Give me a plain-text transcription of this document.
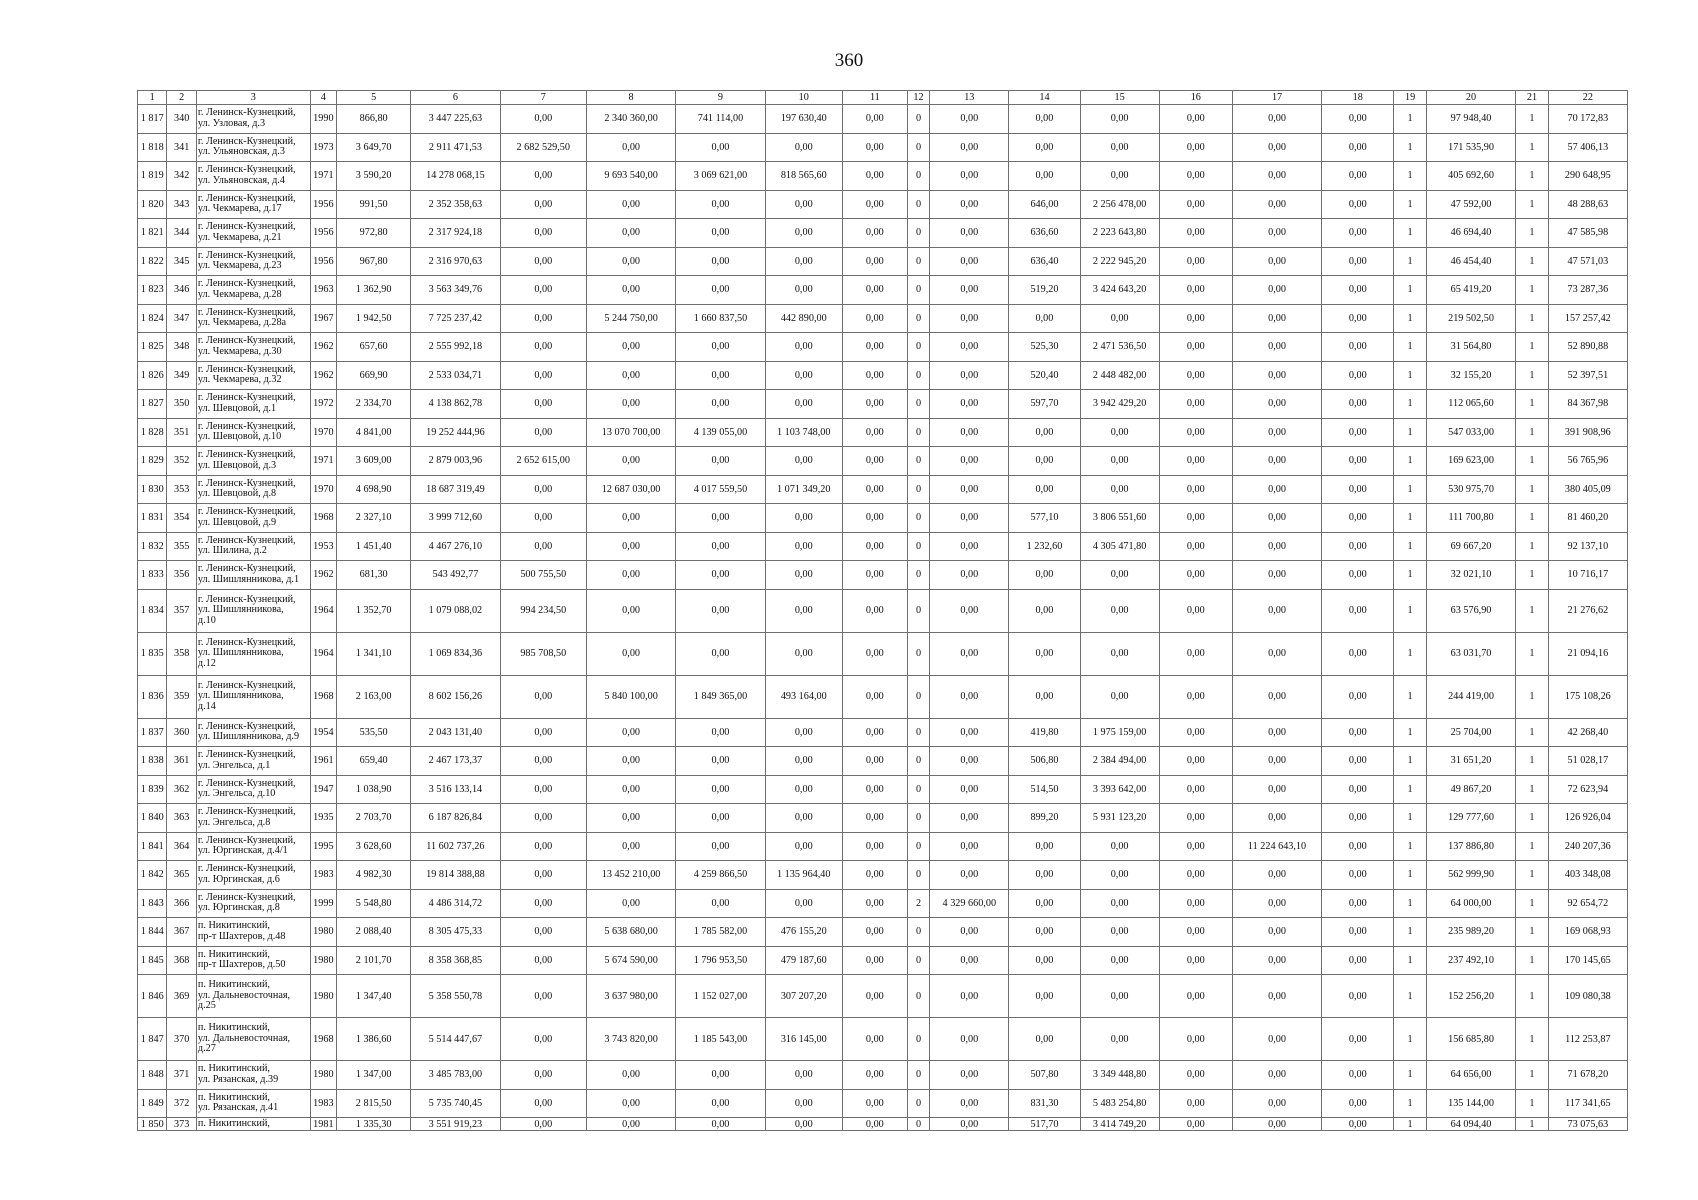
360
1	2	3	4	5	6	7	8	9	10	11	12	13	14	15	16	17	18	19	20	21	22
1 817	340	г. Ленинск-Кузнецкий,
ул. Узловая, д.3	1990	866,80	3 447 225,63	0,00	2 340 360,00	741 114,00	197 630,40	0,00	0	0,00	0,00	0,00	0,00	0,00	0,00	1	97 948,40	1	70 172,83
1 818	341	г. Ленинск-Кузнецкий,
ул. Ульяновская, д.3	1973	3 649,70	2 911 471,53	2 682 529,50	0,00	0,00	0,00	0,00	0	0,00	0,00	0,00	0,00	0,00	0,00	1	171 535,90	1	57 406,13
1 819	342	г. Ленинск-Кузнецкий,
ул. Ульяновская, д.4	1971	3 590,20	14 278 068,15	0,00	9 693 540,00	3 069 621,00	818 565,60	0,00	0	0,00	0,00	0,00	0,00	0,00	0,00	1	405 692,60	1	290 648,95
1 820	343	г. Ленинск-Кузнецкий,
ул. Чекмарева, д.17	1956	991,50	2 352 358,63	0,00	0,00	0,00	0,00	0,00	0	0,00	646,00	2 256 478,00	0,00	0,00	0,00	1	47 592,00	1	48 288,63
1 821	344	г. Ленинск-Кузнецкий,
ул. Чекмарева, д.21	1956	972,80	2 317 924,18	0,00	0,00	0,00	0,00	0,00	0	0,00	636,60	2 223 643,80	0,00	0,00	0,00	1	46 694,40	1	47 585,98
1 822	345	г. Ленинск-Кузнецкий,
ул. Чекмарева, д.23	1956	967,80	2 316 970,63	0,00	0,00	0,00	0,00	0,00	0	0,00	636,40	2 222 945,20	0,00	0,00	0,00	1	46 454,40	1	47 571,03
1 823	346	г. Ленинск-Кузнецкий,
ул. Чекмарева, д.28	1963	1 362,90	3 563 349,76	0,00	0,00	0,00	0,00	0,00	0	0,00	519,20	3 424 643,20	0,00	0,00	0,00	1	65 419,20	1	73 287,36
1 824	347	г. Ленинск-Кузнецкий,
ул. Чекмарева, д.28а	1967	1 942,50	7 725 237,42	0,00	5 244 750,00	1 660 837,50	442 890,00	0,00	0	0,00	0,00	0,00	0,00	0,00	0,00	1	219 502,50	1	157 257,42
1 825	348	г. Ленинск-Кузнецкий,
ул. Чекмарева, д.30	1962	657,60	2 555 992,18	0,00	0,00	0,00	0,00	0,00	0	0,00	525,30	2 471 536,50	0,00	0,00	0,00	1	31 564,80	1	52 890,88
1 826	349	г. Ленинск-Кузнецкий,
ул. Чекмарева, д.32	1962	669,90	2 533 034,71	0,00	0,00	0,00	0,00	0,00	0	0,00	520,40	2 448 482,00	0,00	0,00	0,00	1	32 155,20	1	52 397,51
1 827	350	г. Ленинск-Кузнецкий,
ул. Шевцовой, д.1	1972	2 334,70	4 138 862,78	0,00	0,00	0,00	0,00	0,00	0	0,00	597,70	3 942 429,20	0,00	0,00	0,00	1	112 065,60	1	84 367,98
1 828	351	г. Ленинск-Кузнецкий,
ул. Шевцовой, д.10	1970	4 841,00	19 252 444,96	0,00	13 070 700,00	4 139 055,00	1 103 748,00	0,00	0	0,00	0,00	0,00	0,00	0,00	0,00	1	547 033,00	1	391 908,96
1 829	352	г. Ленинск-Кузнецкий,
ул. Шевцовой, д.3	1971	3 609,00	2 879 003,96	2 652 615,00	0,00	0,00	0,00	0,00	0	0,00	0,00	0,00	0,00	0,00	0,00	1	169 623,00	1	56 765,96
1 830	353	г. Ленинск-Кузнецкий,
ул. Шевцовой, д.8	1970	4 698,90	18 687 319,49	0,00	12 687 030,00	4 017 559,50	1 071 349,20	0,00	0	0,00	0,00	0,00	0,00	0,00	0,00	1	530 975,70	1	380 405,09
1 831	354	г. Ленинск-Кузнецкий,
ул. Шевцовой, д.9	1968	2 327,10	3 999 712,60	0,00	0,00	0,00	0,00	0,00	0	0,00	577,10	3 806 551,60	0,00	0,00	0,00	1	111 700,80	1	81 460,20
1 832	355	г. Ленинск-Кузнецкий,
ул. Шилина, д.2	1953	1 451,40	4 467 276,10	0,00	0,00	0,00	0,00	0,00	0	0,00	1 232,60	4 305 471,80	0,00	0,00	0,00	1	69 667,20	1	92 137,10
1 833	356	г. Ленинск-Кузнецкий,
ул. Шишлянникова, д.1	1962	681,30	543 492,77	500 755,50	0,00	0,00	0,00	0,00	0	0,00	0,00	0,00	0,00	0,00	0,00	1	32 021,10	1	10 716,17
1 834	357	г. Ленинск-Кузнецкий,
ул. Шишлянникова,
д.10	1964	1 352,70	1 079 088,02	994 234,50	0,00	0,00	0,00	0,00	0	0,00	0,00	0,00	0,00	0,00	0,00	1	63 576,90	1	21 276,62
1 835	358	г. Ленинск-Кузнецкий,
ул. Шишлянникова,
д.12	1964	1 341,10	1 069 834,36	985 708,50	0,00	0,00	0,00	0,00	0	0,00	0,00	0,00	0,00	0,00	0,00	1	63 031,70	1	21 094,16
1 836	359	г. Ленинск-Кузнецкий,
ул. Шишлянникова,
д.14	1968	2 163,00	8 602 156,26	0,00	5 840 100,00	1 849 365,00	493 164,00	0,00	0	0,00	0,00	0,00	0,00	0,00	0,00	1	244 419,00	1	175 108,26
1 837	360	г. Ленинск-Кузнецкий,
ул. Шишлянникова, д.9	1954	535,50	2 043 131,40	0,00	0,00	0,00	0,00	0,00	0	0,00	419,80	1 975 159,00	0,00	0,00	0,00	1	25 704,00	1	42 268,40
1 838	361	г. Ленинск-Кузнецкий,
ул. Энгельса, д.1	1961	659,40	2 467 173,37	0,00	0,00	0,00	0,00	0,00	0	0,00	506,80	2 384 494,00	0,00	0,00	0,00	1	31 651,20	1	51 028,17
1 839	362	г. Ленинск-Кузнецкий,
ул. Энгельса, д.10	1947	1 038,90	3 516 133,14	0,00	0,00	0,00	0,00	0,00	0	0,00	514,50	3 393 642,00	0,00	0,00	0,00	1	49 867,20	1	72 623,94
1 840	363	г. Ленинск-Кузнецкий,
ул. Энгельса, д.8	1935	2 703,70	6 187 826,84	0,00	0,00	0,00	0,00	0,00	0	0,00	899,20	5 931 123,20	0,00	0,00	0,00	1	129 777,60	1	126 926,04
1 841	364	г. Ленинск-Кузнецкий,
ул. Юргинская, д.4/1	1995	3 628,60	11 602 737,26	0,00	0,00	0,00	0,00	0,00	0	0,00	0,00	0,00	0,00	11 224 643,10	0,00	1	137 886,80	1	240 207,36
1 842	365	г. Ленинск-Кузнецкий,
ул. Юргинская, д.6	1983	4 982,30	19 814 388,88	0,00	13 452 210,00	4 259 866,50	1 135 964,40	0,00	0	0,00	0,00	0,00	0,00	0,00	0,00	1	562 999,90	1	403 348,08
1 843	366	г. Ленинск-Кузнецкий,
ул. Юргинская, д.8	1999	5 548,80	4 486 314,72	0,00	0,00	0,00	0,00	0,00	2	4 329 660,00	0,00	0,00	0,00	0,00	0,00	1	64 000,00	1	92 654,72
1 844	367	п. Никитинский,
пр-т Шахтеров, д.48	1980	2 088,40	8 305 475,33	0,00	5 638 680,00	1 785 582,00	476 155,20	0,00	0	0,00	0,00	0,00	0,00	0,00	0,00	1	235 989,20	1	169 068,93
1 845	368	п. Никитинский,
пр-т Шахтеров, д.50	1980	2 101,70	8 358 368,85	0,00	5 674 590,00	1 796 953,50	479 187,60	0,00	0	0,00	0,00	0,00	0,00	0,00	0,00	1	237 492,10	1	170 145,65
1 846	369	п. Никитинский,
ул. Дальневосточная,
д.25	1980	1 347,40	5 358 550,78	0,00	3 637 980,00	1 152 027,00	307 207,20	0,00	0	0,00	0,00	0,00	0,00	0,00	0,00	1	152 256,20	1	109 080,38
1 847	370	п. Никитинский,
ул. Дальневосточная,
д.27	1968	1 386,60	5 514 447,67	0,00	3 743 820,00	1 185 543,00	316 145,00	0,00	0	0,00	0,00	0,00	0,00	0,00	0,00	1	156 685,80	1	112 253,87
1 848	371	п. Никитинский,
ул. Рязанская, д.39	1980	1 347,00	3 485 783,00	0,00	0,00	0,00	0,00	0,00	0	0,00	507,80	3 349 448,80	0,00	0,00	0,00	1	64 656,00	1	71 678,20
1 849	372	п. Никитинский,
ул. Рязанская, д.41	1983	2 815,50	5 735 740,45	0,00	0,00	0,00	0,00	0,00	0	0,00	831,30	5 483 254,80	0,00	0,00	0,00	1	135 144,00	1	117 341,65
1 850	373	п. Никитинский,	1981	1 335,30	3 551 919,23	0,00	0,00	0,00	0,00	0,00	0	0,00	517,70	3 414 749,20	0,00	0,00	0,00	1	64 094,40	1	73 075,63
